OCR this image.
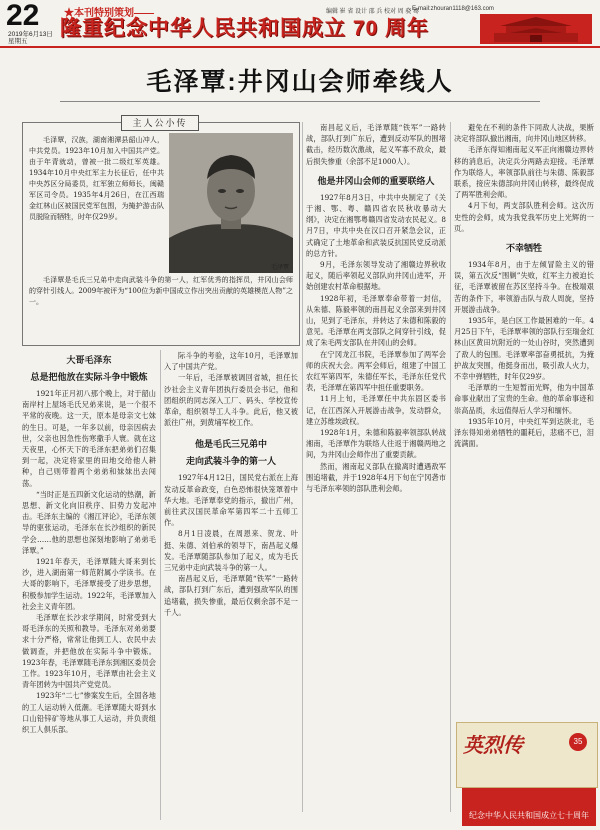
22
2019年6月13日
星期五
★本刊特别策划——
隆重纪念中华人民共和国成立 70 周年
编辑 崔 省 设计 邵 兵 校对 周 骁 骞
E-mail:zhouran1118@163.com
毛泽覃:井冈山会师牵线人
主人公小传
毛泽覃，汉族，湖南湘潭县韶山冲人，中共党员。1923年10月加入中国共产党。由于年青就动，曾被一批二级红军英雄。1934年10月中央红军主力长征后，任中共中央苏区分局委员，红军独立师师长，闽赣军区司令员。1935年4月26日，在江西瑞金红林山区被国民党军包围，为掩护游击队员脱险而牺牲，时年仅29岁。
毛泽覃
毛泽覃是毛氏三兄弟中走向武装斗争的第一人，红军优秀的指挥员，井冈山会师的穿针引线人。2009年被评为“100位为新中国成立作出突出贡献的英雄模范人物”之一。
大哥毛泽东
总是把他放在实际斗争中锻炼

1921年正月初八那个晚上，对于韶山南岸村上屋场毛氏兄弟来说，是一个很不平常的夜晚。这一天，原本是母亲文七妹的生日。可是，一年多以前，母亲因病去世，父亲也因急性伤寒撒手人寰。就在这天夜里，心怀天下的毛泽东把弟弟们召集到一起，决定将家里的田地交给他人耕种，自己则带着两个弟弟和妹妹出去闯荡。

“当时正是五四新文化运动的热潮，新思想、新文化向旧秩序、旧势力发起冲击。毛泽东主编的《湘江评论》，毛泽东领导的驱张运动，毛泽东在长沙组织的新民学会……他的思想也深刻地影响了弟弟毛泽覃。”

1921年春天，毛泽覃随大哥来到长沙，进入湖南第一师范附属小学读书。在大哥的影响下，毛泽覃接受了进步思想，积极参加学生运动。1922年，毛泽覃加入社会主义青年团。

毛泽覃在长沙求学期间，时常受到大哥毛泽东的关照和教导。毛泽东对弟弟要求十分严格，常常让他到工人、农民中去做调查，并把他放在实际斗争中锻炼。1923年春，毛泽覃随毛泽东到湘区委员会工作。1923年10月，毛泽覃由社会主义青年团转为中国共产党党员。

1923年“二七”惨案发生后，全国各地的工人运动转入低潮。毛泽覃随大哥到水口山铅锌矿等地从事工人运动，并负责组织工人俱乐部。

际斗争的考验，这年10月，毛泽覃加入了中国共产党。

一年后，毛泽覃被调回省城，担任长沙社会主义青年团执行委员会书记，他和团组织的同志深入工厂、码头、学校宣传革命，组织领导工人斗争。此后，他又被派往广州，到黄埔军校工作。

他是毛氏三兄弟中
走向武装斗争的第一人

1927年4月12日，国民党右派在上海发动反革命政变，白色恐怖很快笼罩着中华大地。毛泽覃奉党的指示，撤出广州，前往武汉国民革命军第四军二十五师工作。

8月1日凌晨，在周恩来、贺龙、叶挺、朱德、刘伯承的领导下，南昌起义爆发。毛泽覃随部队参加了起义，成为毛氏三兄弟中走向武装斗争的第一人。

南昌起义后，毛泽覃随“铁军”一路转战，部队打到广东后，遭到强敌军队的围追堵截，损失惨重，最后仅剩余部不足一千人。

南昌起义后，毛泽覃随“铁军”一路转战，部队打到广东后，遭到反动军队的围堵截击，经历数次激战，起义军寡不敌众，最后损失惨重（余部不足1000人）。

他是井冈山会师的重要联络人

1927年8月3日，中共中央制定了《关于湘、鄂、粤、赣四省农民秋收暴动大纲》，决定在湘鄂粤赣四省发动农民起义。8月7日，中共中央在汉口召开紧急会议，正式确定了土地革命和武装反抗国民党反动派的总方针。

9月，毛泽东领导发动了湘赣边界秋收起义，随后率领起义部队向井冈山进军，开始创建农村革命根据地。

1928年初，毛泽覃奉命带着一封信，从朱德、陈毅率领的南昌起义余部来到井冈山，见到了毛泽东，并转达了朱德和陈毅的意见。毛泽覃在两支部队之间穿针引线，促成了朱毛两支部队在井冈山的会师。

在宁冈龙江书院，毛泽覃参加了两军会师的庆祝大会。两军会师后，组建了中国工农红军第四军，朱德任军长，毛泽东任党代表，毛泽覃在第四军中担任重要职务。

11月上旬，毛泽覃任中共东固区委书记，在江西深入开展游击战争，发动群众，建立苏维埃政权。

1928年1月，朱德和陈毅率领部队转战湘南，毛泽覃作为联络人往返于湘赣两地之间，为井冈山会师作出了重要贡献。

然而，湘南起义部队在撤离时遭遇敌军围追堵截，并于1928年4月下旬在宁冈砻市与毛泽东率领的部队胜利会师。

避免在不利的条件下同敌人决战，果断决定将部队撤出湘南，向井冈山地区转移。

毛泽东得知湘南起义军正向湘赣边界转移的消息后，决定兵分两路去迎接。毛泽覃作为联络人，率领部队前往与朱德、陈毅部联系，接应朱德部向井冈山转移，最终促成了两军胜利会师。

4月下旬，两支部队胜利会师。这次历史性的会师，成为我党我军历史上光辉的一页。

不幸牺牲

1934年8月，由于左倾冒险主义的错误，第五次反“围剿”失败，红军主力被迫长征，毛泽覃被留在苏区坚持斗争。在极端艰苦的条件下，率领游击队与敌人周旋，坚持开展游击战争。

1935年，是白区工作最困难的一年。4月25日下午，毛泽覃率领的部队行至瑞金红林山区黄田坑附近的一处山谷时，突然遭到了敌人的包围。毛泽覃率部奋勇抵抗，为掩护战友突围，他挺身而出，吸引敌人火力，不幸中弹牺牲，时年仅29岁。

毛泽覃的一生短暂而光辉，他为中国革命事业献出了宝贵的生命。他的革命事迹和崇高品质，永远值得后人学习和缅怀。

1935年10月，中央红军到达陕北，毛泽东得知弟弟牺牲的噩耗后，悲痛不已，泪流满面。

英烈传	35
纪念中华人民共和国成立七十周年
